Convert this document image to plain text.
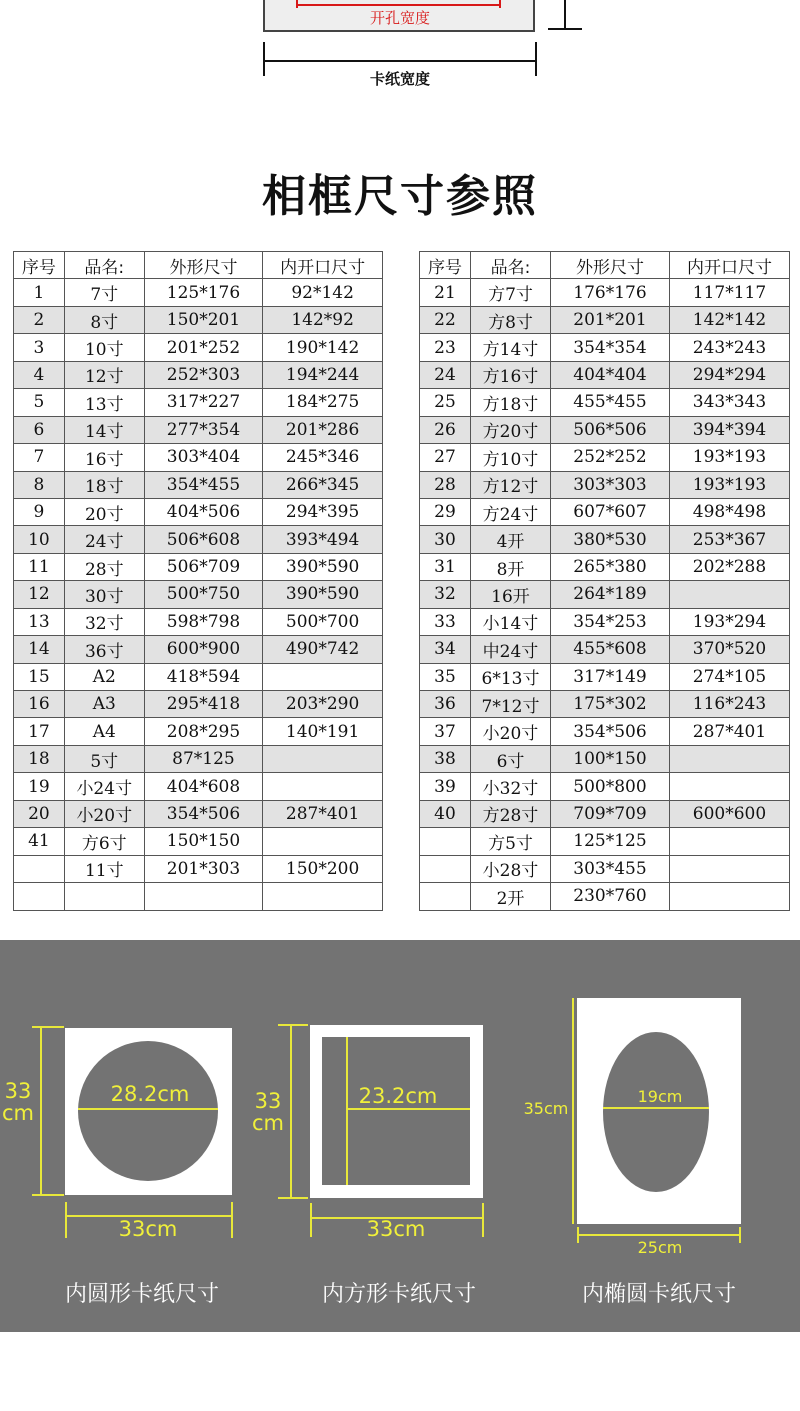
开孔宽度
卡纸宽度
相框尺寸参照
序号	品名:	外形尺寸	内开口尺寸
1	7寸	125*176	92*142
2	8寸	150*201	142*92
3	10寸	201*252	190*142
4	12寸	252*303	194*244
5	13寸	317*227	184*275
6	14寸	277*354	201*286
7	16寸	303*404	245*346
8	18寸	354*455	266*345
9	20寸	404*506	294*395
10	24寸	506*608	393*494
11	28寸	506*709	390*590
12	30寸	500*750	390*590
13	32寸	598*798	500*700
14	36寸	600*900	490*742
15	A2	418*594	
16	A3	295*418	203*290
17	A4	208*295	140*191
18	5寸	87*125	
19	小24寸	404*608	
20	小20寸	354*506	287*401
41	方6寸	150*150	
	11寸	201*303	150*200

序号	品名:	外形尺寸	内开口尺寸
21	方7寸	176*176	117*117
22	方8寸	201*201	142*142
23	方14寸	354*354	243*243
24	方16寸	404*404	294*294
25	方18寸	455*455	343*343
26	方20寸	506*506	394*394
27	方10寸	252*252	193*193
28	方12寸	303*303	193*193
29	方24寸	607*607	498*498
30	4开	380*530	253*367
31	8开	265*380	202*288
32	16开	264*189	
33	小14寸	354*253	193*294
34	中24寸	455*608	370*520
35	6*13寸	317*149	274*105
36	7*12寸	175*302	116*243
37	小20寸	354*506	287*401
38	6寸	100*150	
39	小32寸	500*800	
40	方28寸	709*709	600*600
	方5寸	125*125	
	小28寸	303*455	
	2开	230*760	
28.2cm
33
cm
33cm
内圆形卡纸尺寸
23.2cm
33
cm
33cm
内方形卡纸尺寸
19cm
35cm
25cm
内椭圆卡纸尺寸
